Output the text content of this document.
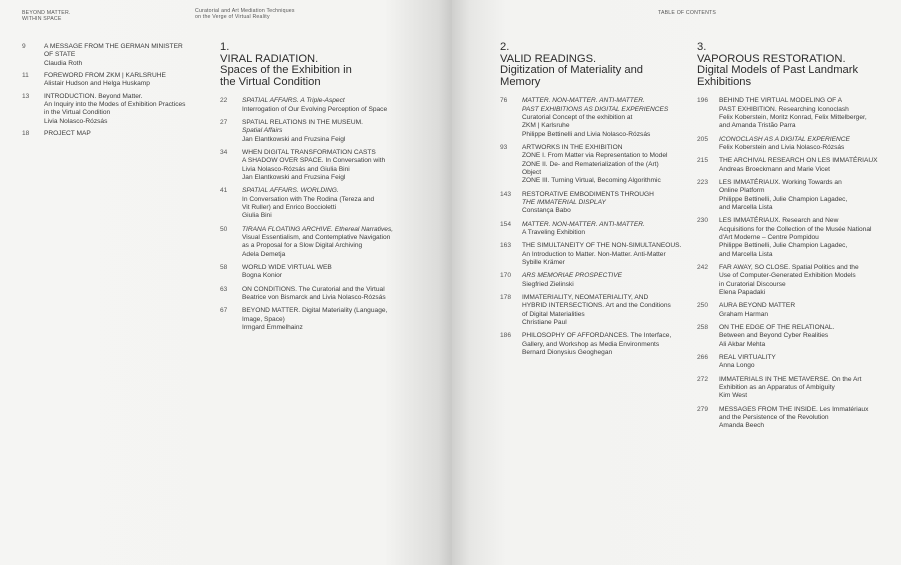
BEYOND MATTER.
WITHIN SPACE
Curatorial and Art Mediation Techniques
on the Verge of Virtual Reality
9	A MESSAGE FROM THE GERMAN MINISTER
OF STATE
Claudia Roth
11	FOREWORD FROM ZKM | KARLSRUHE
Alistair Hudson and Helga Huskamp
13	INTRODUCTION. Beyond Matter.
An Inquiry into the Modes of Exhibition Practices
in the Virtual Condition
Livia Nolasco-Rózsás
18	PROJECT MAP
1.
VIRAL RADIATION.
Spaces of the Exhibition in
the Virtual Condition
22	SPATIAL AFFAIRS. A Triple-Aspect
Interrogation of Our Evolving Perception of Space
27	SPATIAL RELATIONS IN THE MUSEUM.
Spatial Affairs
Jan Elantkowski and Fruzsina Feigl
34	WHEN DIGITAL TRANSFORMATION CASTS
A SHADOW OVER SPACE. In Conversation with
Livia Nolasco-Rózsás and Giulia Bini
Jan Elantkowski and Fruzsina Feigl
41	SPATIAL AFFAIRS. WORLDING.
In Conversation with The Rodina (Tereza and
Vit Ruller) and Enrico Boccioletti
Giulia Bini
50	TIRANA FLOATING ARCHIVE. Ethereal Narratives,
Visual Essentialism, and Contemplative Navigation
as a Proposal for a Slow Digital Archiving
Adela Demetja
58	WORLD WIDE VIRTUAL WEB
Bogna Konior
63	ON CONDITIONS. The Curatorial and the Virtual
Beatrice von Bismarck and Livia Nolasco-Rózsás
67	BEYOND MATTER. Digital Materiality (Language,
Image, Space)
Irmgard Emmelhainz
TABLE OF CONTENTS
2.
VALID READINGS.
Digitization of Materiality and
Memory
76	MATTER. NON-MATTER. ANTI-MATTER.
PAST EXHIBITIONS AS DIGITAL EXPERIENCES
Curatorial Concept of the exhibition at
ZKM | Karlsruhe
Philippe Bettinelli and Livia Nolasco-Rózsás
93	ARTWORKS IN THE EXHIBITION
ZONE I. From Matter via Representation to Model
ZONE II. De- and Rematerialization of the (Art)
Object
ZONE III. Turning Virtual, Becoming Algorithmic
143	RESTORATIVE EMBODIMENTS THROUGH
THE IMMATERIAL DISPLAY
Constança Babo
154	MATTER. NON-MATTER. ANTI-MATTER.
A Traveling Exhibition
163	THE SIMULTANEITY OF THE NON-SIMULTANEOUS.
An Introduction to Matter. Non-Matter. Anti-Matter
Sybille Krämer
170	ARS MEMORIAE PROSPECTIVE
Siegfried Zielinski
178	IMMATERIALITY, NEOMATERIALITY, AND
HYBRID INTERSECTIONS. Art and the Conditions
of Digital Materialities
Christiane Paul
186	PHILOSOPHY OF AFFORDANCES. The Interface,
Gallery, and Workshop as Media Environments
Bernard Dionysius Geoghegan
3.
VAPOROUS RESTORATION.
Digital Models of Past Landmark
Exhibitions
196	BEHIND THE VIRTUAL MODELING OF A
PAST EXHIBITION. Researching Iconoclash
Felix Koberstein, Moritz Konrad, Felix Mittelberger,
and Amanda Tristão Parra
205	ICONOCLASH AS A DIGITAL EXPERIENCE
Felix Koberstein and Livia Nolasco-Rózsás
215	THE ARCHIVAL RESEARCH ON LES IMMATÉRIAUX
Andreas Broeckmann and Marie Vicet
223	LES IMMATÉRIAUX. Working Towards an
Online Platform
Philippe Bettinelli, Julie Champion Lagadec,
and Marcella Lista
230	LES IMMATÉRIAUX. Research and New
Acquisitions for the Collection of the Musée National
d'Art Moderne – Centre Pompidou
Philippe Bettinelli, Julie Champion Lagadec,
and Marcella Lista
242	FAR AWAY, SO CLOSE. Spatial Politics and the
Use of Computer-Generated Exhibition Models
in Curatorial Discourse
Elena Papadaki
250	AURA BEYOND MATTER
Graham Harman
258	ON THE EDGE OF THE RELATIONAL.
Between and Beyond Cyber Realities
Ali Akbar Mehta
266	REAL VIRTUALITY
Anna Longo
272	IMMATERIALS IN THE METAVERSE. On the Art
Exhibition as an Apparatus of Ambiguity
Kim West
279	MESSAGES FROM THE INSIDE. Les Immatériaux
and the Persistence of the Revolution
Amanda Beech
